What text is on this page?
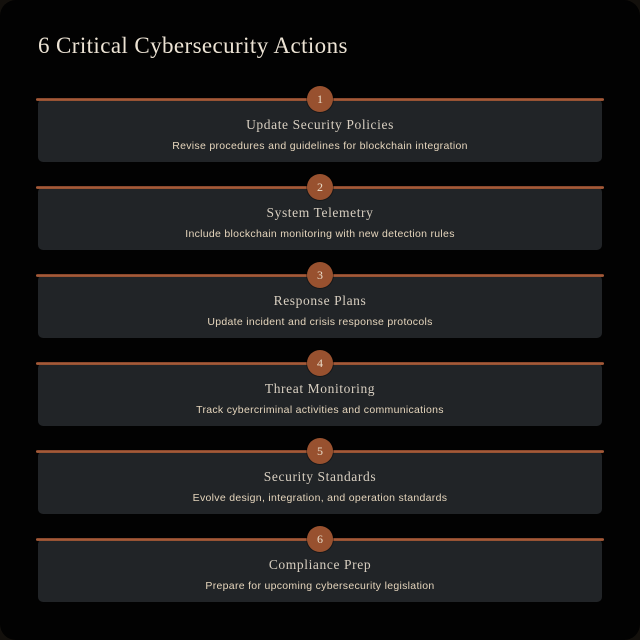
6 Critical Cybersecurity Actions
1
Update Security Policies

Revise procedures and guidelines for blockchain integration

2
System Telemetry

Include blockchain monitoring with new detection rules

3
Response Plans

Update incident and crisis response protocols

4
Threat Monitoring

Track cybercriminal activities and communications

5
Security Standards

Evolve design, integration, and operation standards

6
Compliance Prep

Prepare for upcoming cybersecurity legislation
